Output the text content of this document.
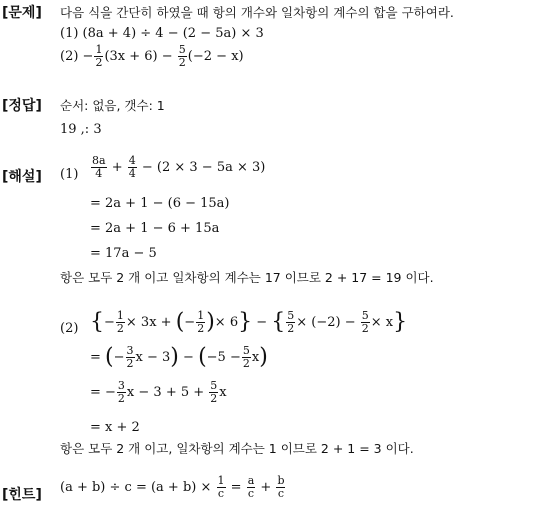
[문제]
[정답]
[해설]
[힌트]
다음 식을 간단히 하였을 때 항의 개수와 일차항의 계수의 합을 구하여라.
(1) (8a + 4) ÷ 4 − (2 − 5a) × 3
$(2) - \frac{1}{2} (3x + 6) - \frac{5}{2} (-2 - x)$
순서: 없음, 갯수: 1
19 ,: 3
$(1) \frac{8a}{4} + \frac{4}{4} - (2 \times 3 - 5a \times 3)$
= 2a + 1 − (6 − 15a)
= 2a + 1 − 6 + 15a
= 17a − 5
항은 모두 2 개 이고 일차항의 계수는 17 이므로 2 + 17 = 19 이다.
(2) {− $\frac{1}{2} \times 3x$ + (− $\frac{1}{2}$ )× 6} − { $\frac{5}{2} \times (-2) - \frac{5}{2} \times x$}
= (− $\frac{3}{2}$ $x - 3) - (-5 - \frac{5}{2} x)$
= − $\frac{3}{2}$ $x - 3 + 5 + \frac{5}{2}$ x
= x + 2
항은 모두 2 개 이고, 일차항의 계수는 1 이므로 2 + 1 = 3 이다.
$(a + b) \div c = (a + b) \times \frac{1}{c} = \frac{a}{c} + \frac{b}{c}$
